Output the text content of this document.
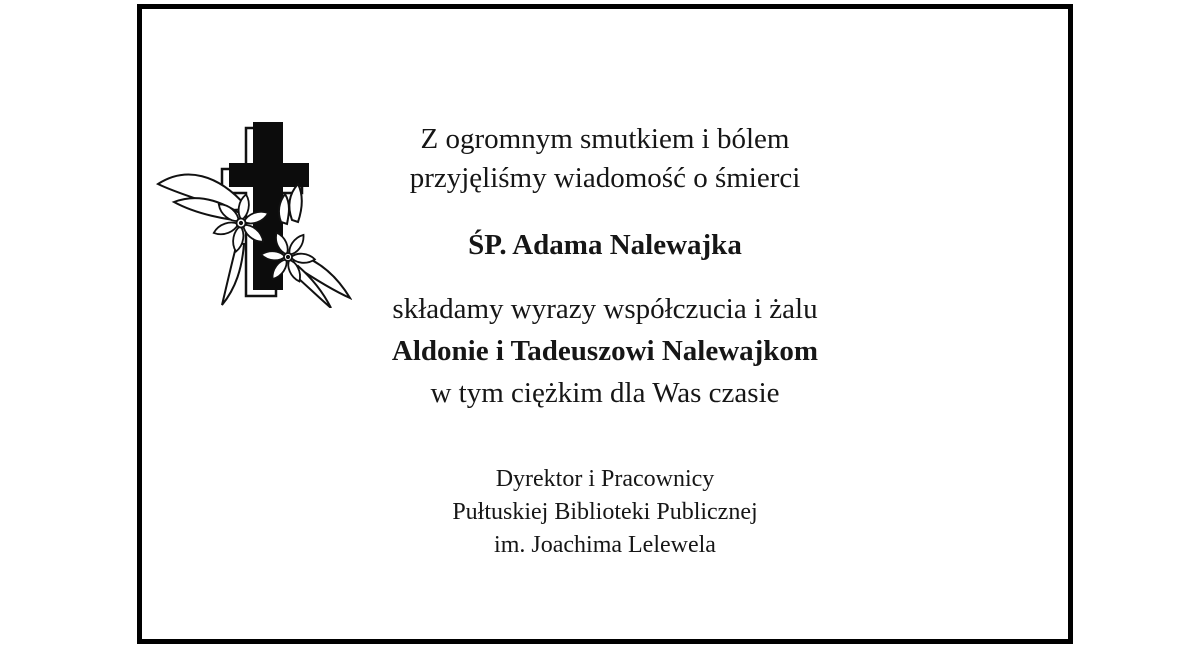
Z ogromnym smutkiem i bólem
przyjęliśmy wiadomość o śmierci
ŚP. Adama Nalewajka
składamy wyrazy współczucia i żalu
Aldonie i Tadeuszowi Nalewajkom
w tym ciężkim dla Was czasie
Dyrektor i Pracownicy
Pułtuskiej Biblioteki Publicznej
im. Joachima Lelewela
